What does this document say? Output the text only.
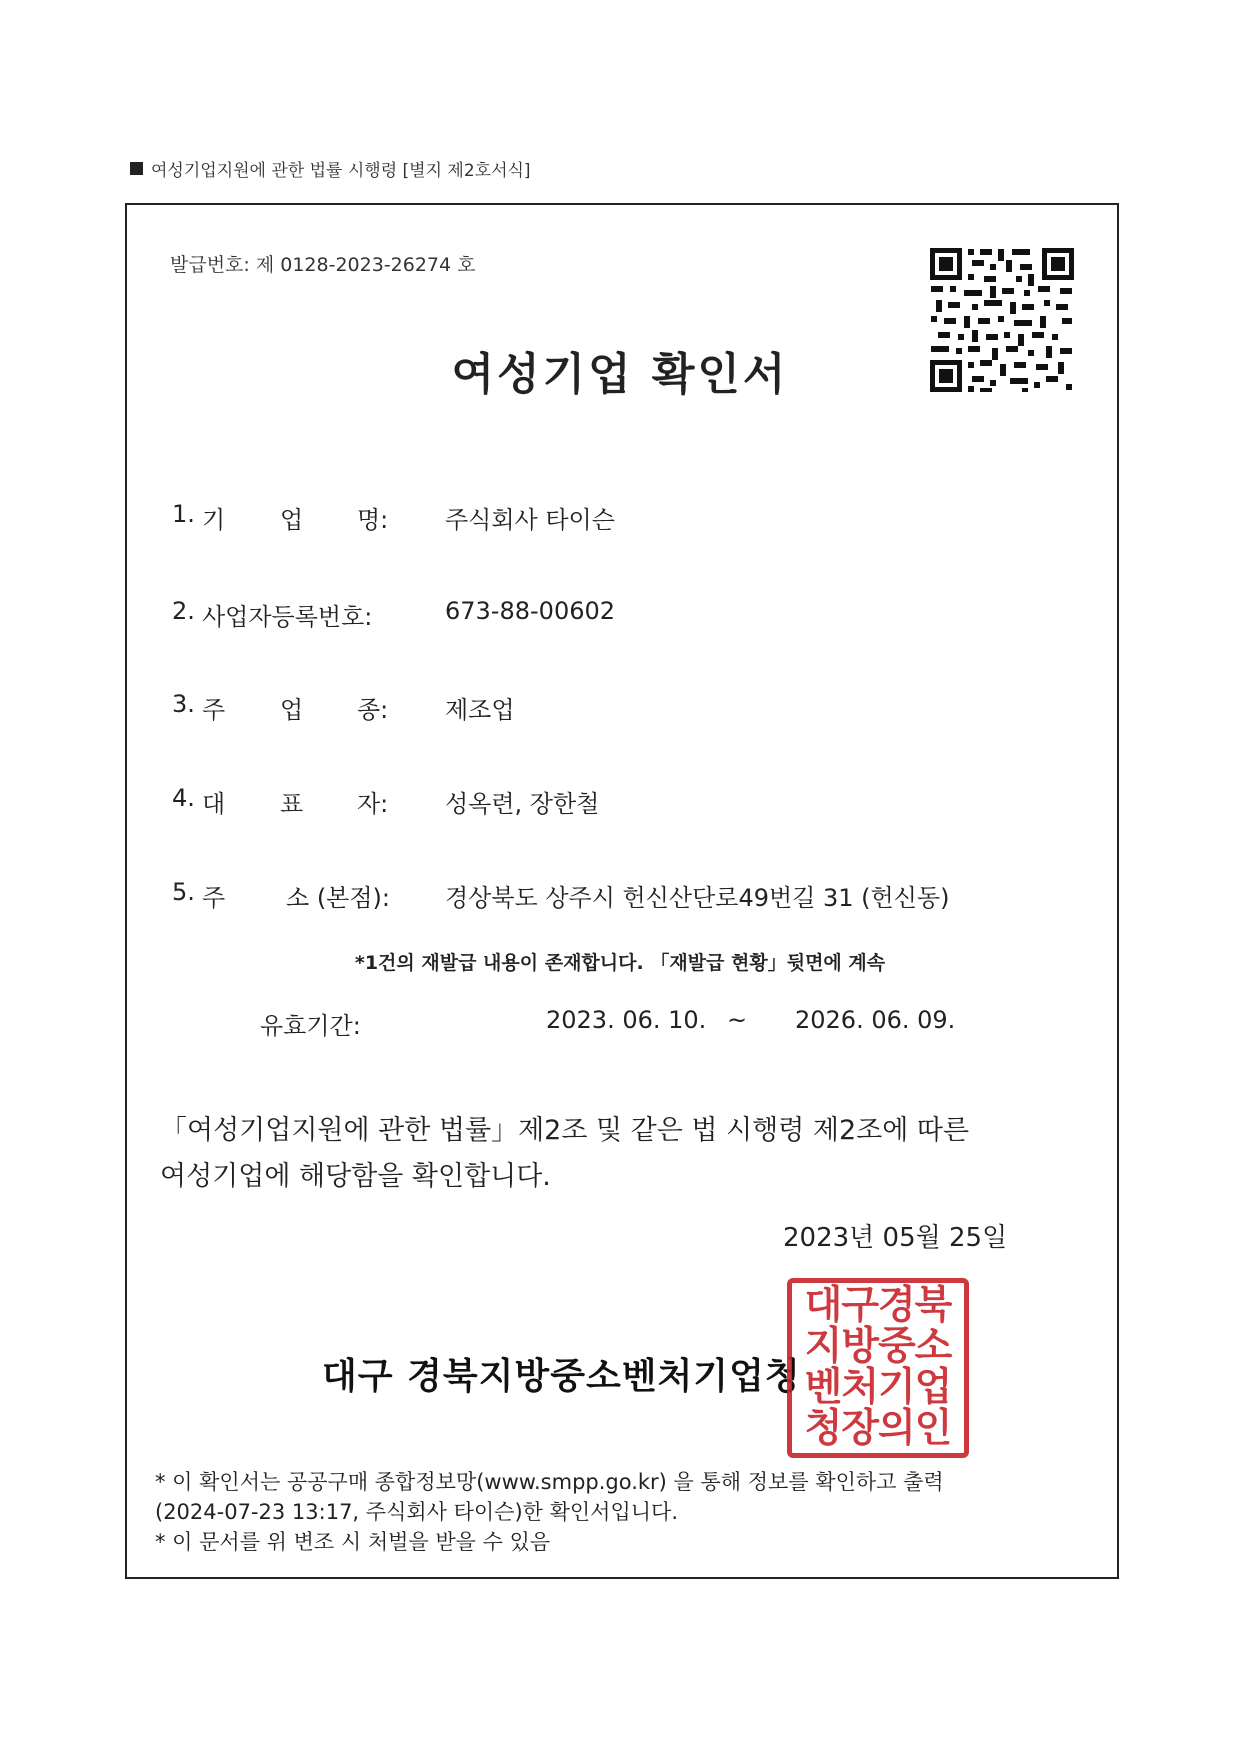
여성기업지원에 관한 법률 시행령 [별지 제2호서식]
발급번호: 제 0128-2023-26274 호
여성기업 확인서
1. 기 업 명: 주식회사 타이슨
2. 사업자등록번호:	673-88-00602
3. 주 업 종: 제조업
4. 대 표 자: 성옥련, 장한철
5. 주	소 (본점): 경상북도 상주시 헌신산단로49번길 31 (헌신동)
*1건의 재발급 내용이 존재합니다. 「재발급 현황」뒷면에 계속
유효기간:	2023. 06. 10. ~ 2026. 06. 09.
「여성기업지원에 관한 법률」제2조 및 같은 법 시행령 제2조에 따른
여성기업에 해당함을 확인합니다.
2023년 05월 25일
대구 경북지방중소벤처기업청
대구경북
지방중소
벤처기업
청장의인
* 이 확인서는 공공구매 종합정보망(www.smpp.go.kr) 을 통해 정보를 확인하고 출력
(2024-07-23 13:17, 주식회사 타이슨)한 확인서입니다.
* 이 문서를 위 변조 시 처벌을 받을 수 있음
